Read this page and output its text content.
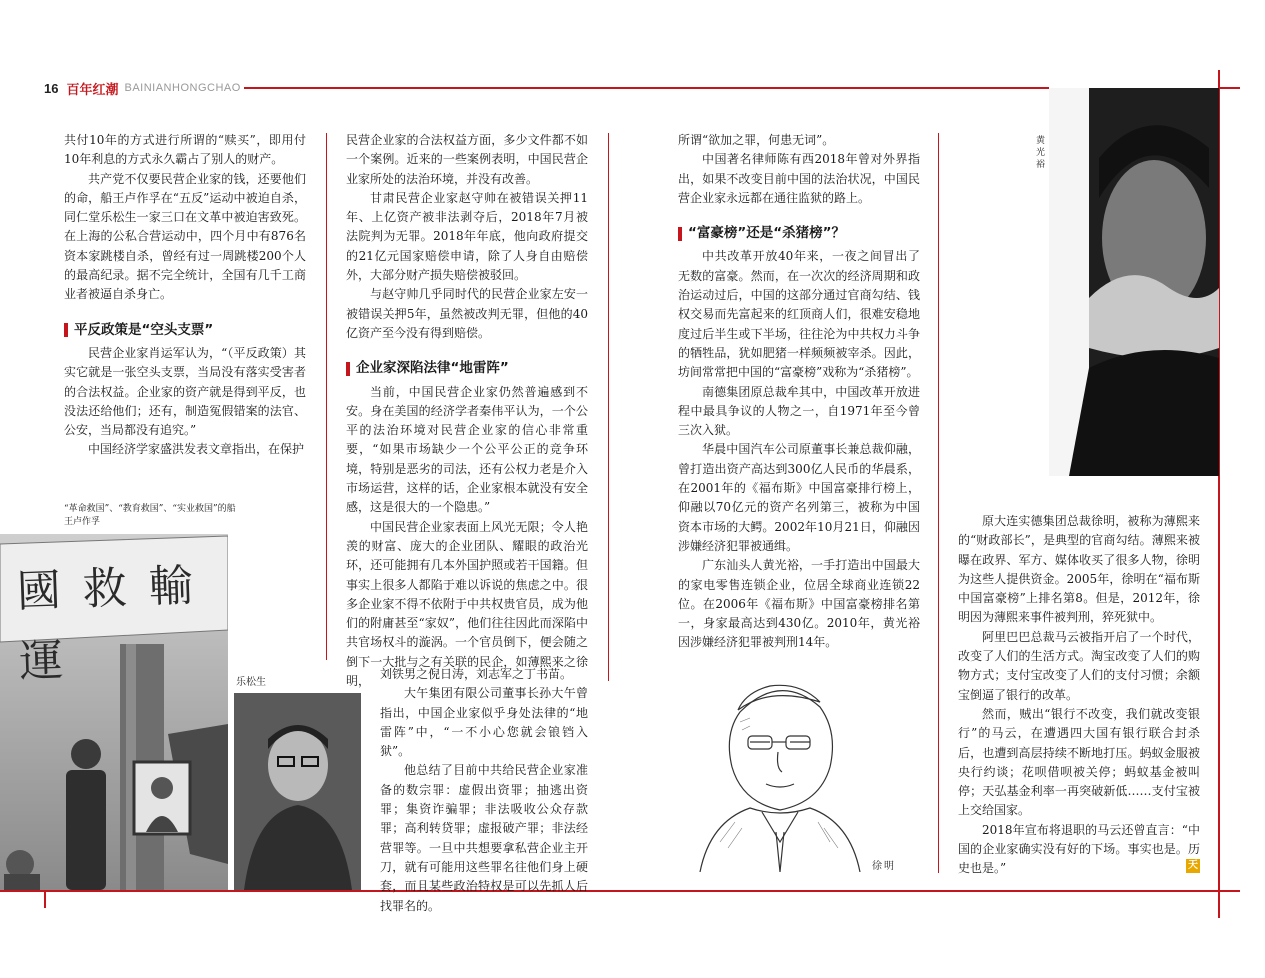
16 百年红潮 BAINIANHONGCHAO

共付10年的方式进行所谓的“赎买”，即用付10年利息的方式永久霸占了别人的财产。

共产党不仅要民营企业家的钱，还要他们的命，船王卢作孚在“五反”运动中被迫自杀，同仁堂乐松生一家三口在文革中被迫害致死。在上海的公私合营运动中，四个月中有876名资本家跳楼自杀，曾经有过一周跳楼200个人的最高纪录。据不完全统计，全国有几千工商业者被逼自杀身亡。

平反政策是“空头支票”

民营企业家肖运军认为，“（平反政策）其实它就是一张空头支票，当局没有落实受害者的合法权益。企业家的资产就是得到平反，也没法还给他们；还有，制造冤假错案的法官、公安，当局都没有追究。”

中国经济学家盛洪发表文章指出，在保护

民营企业家的合法权益方面，多少文件都不如一个案例。近来的一些案例表明，中国民营企业家所处的法治环境，并没有改善。

甘肃民营企业家赵守帅在被错误关押11年、上亿资产被非法剥夺后，2018年7月被法院判为无罪。2018年年底，他向政府提交的21亿元国家赔偿申请，除了人身自由赔偿外，大部分财产损失赔偿被驳回。

与赵守帅几乎同时代的民营企业家左安一被错误关押5年，虽然被改判无罪，但他的40亿资产至今没有得到赔偿。

企业家深陷法律“地雷阵”

当前，中国民营企业家仍然普遍感到不安。身在美国的经济学者秦伟平认为，一个公平的法治环境对民营企业家的信心非常重要，“如果市场缺少一个公平公正的竞争环境，特别是恶劣的司法，还有公权力老是介入市场运营，这样的话，企业家根本就没有安全感，这是很大的一个隐患。”

中国民营企业家表面上风光无限；令人艳羡的财富、庞大的企业团队、耀眼的政治光环，还可能拥有几本外国护照或若干国籍。但事实上很多人都陷于难以诉说的焦虑之中。很多企业家不得不依附于中共权贵官员，成为他们的附庸甚至“家奴”，他们往往因此而深陷中共官场权斗的漩涡。一个官员倒下，便会随之倒下一大批与之有关联的民企，如薄熙来之徐明，

刘铁男之倪日涛，刘志军之丁书苗。

大午集团有限公司董事长孙大午曾指出，中国企业家似乎身处法律的“地雷阵”中，“一不小心您就会锒铛入狱”。

他总结了目前中共给民营企业家准备的数宗罪：虚假出资罪；抽逃出资罪；集资诈骗罪；非法吸收公众存款罪；高利转贷罪；虚报破产罪；非法经营罪等。一旦中共想要拿私营企业主开刀，就有可能用这些罪名往他们身上硬套，而且某些政治特权是可以先抓人后找罪名的。

所谓“欲加之罪，何患无词”。

中国著名律师陈有西2018年曾对外界指出，如果不改变目前中国的法治状况，中国民营企业家永远都在通往监狱的路上。

“富豪榜”还是“杀猪榜”？

中共改革开放40年来，一夜之间冒出了无数的富豪。然而，在一次次的经济周期和政治运动过后，中国的这部分通过官商勾结、钱权交易而先富起来的红顶商人们，很难安稳地度过后半生或下半场，往往沦为中共权力斗争的牺牲品，犹如肥猪一样频频被宰杀。因此，坊间常常把中国的“富豪榜”戏称为“杀猪榜”。

南德集团原总裁牟其中，中国改革开放进程中最具争议的人物之一，自1971年至今曾三次入狱。

华晨中国汽车公司原董事长兼总裁仰融，曾打造出资产高达到300亿人民币的华晨系，在2001年的《福布斯》中国富豪排行榜上，仰融以70亿元的资产名列第三，被称为中国资本市场的大鳄。2002年10月21日，仰融因涉嫌经济犯罪被通缉。

广东汕头人黄光裕，一手打造出中国最大的家电零售连锁企业，位居全球商业连锁22位。在2006年《福布斯》中国富豪榜排名第一，身家最高达到430亿。2010年，黄光裕因涉嫌经济犯罪被判刑14年。

原大连实德集团总裁徐明，被称为薄熙来的“财政部长”，是典型的官商勾结。薄熙来被曝在政界、军方、媒体收买了很多人物，徐明为这些人提供资金。2005年，徐明在“福布斯中国富豪榜”上排名第8。但是，2012年，徐明因为薄熙来事件被判刑，猝死狱中。

阿里巴巴总裁马云被指开启了一个时代，改变了人们的生活方式。淘宝改变了人们的购物方式；支付宝改变了人们的支付习惯；余额宝倒逼了银行的改革。

然而，贼出“银行不改变，我们就改变银行”的马云，在遭遇四大国有银行联合封杀后，也遭到高层持续不断地打压。蚂蚁金服被央行约谈；花呗借呗被关停；蚂蚁基金被叫停；天弘基金利率一再突破新低……支付宝被上交给国家。

2018年宣布将退职的马云还曾直言：“中国的企业家确实没有好的下场。事实也是。历史也是。”	天
“革命救国”、“教育救国”、“实业救国”的船王卢作孚
國 救 輸 運	乐松生
黄光裕
徐明
